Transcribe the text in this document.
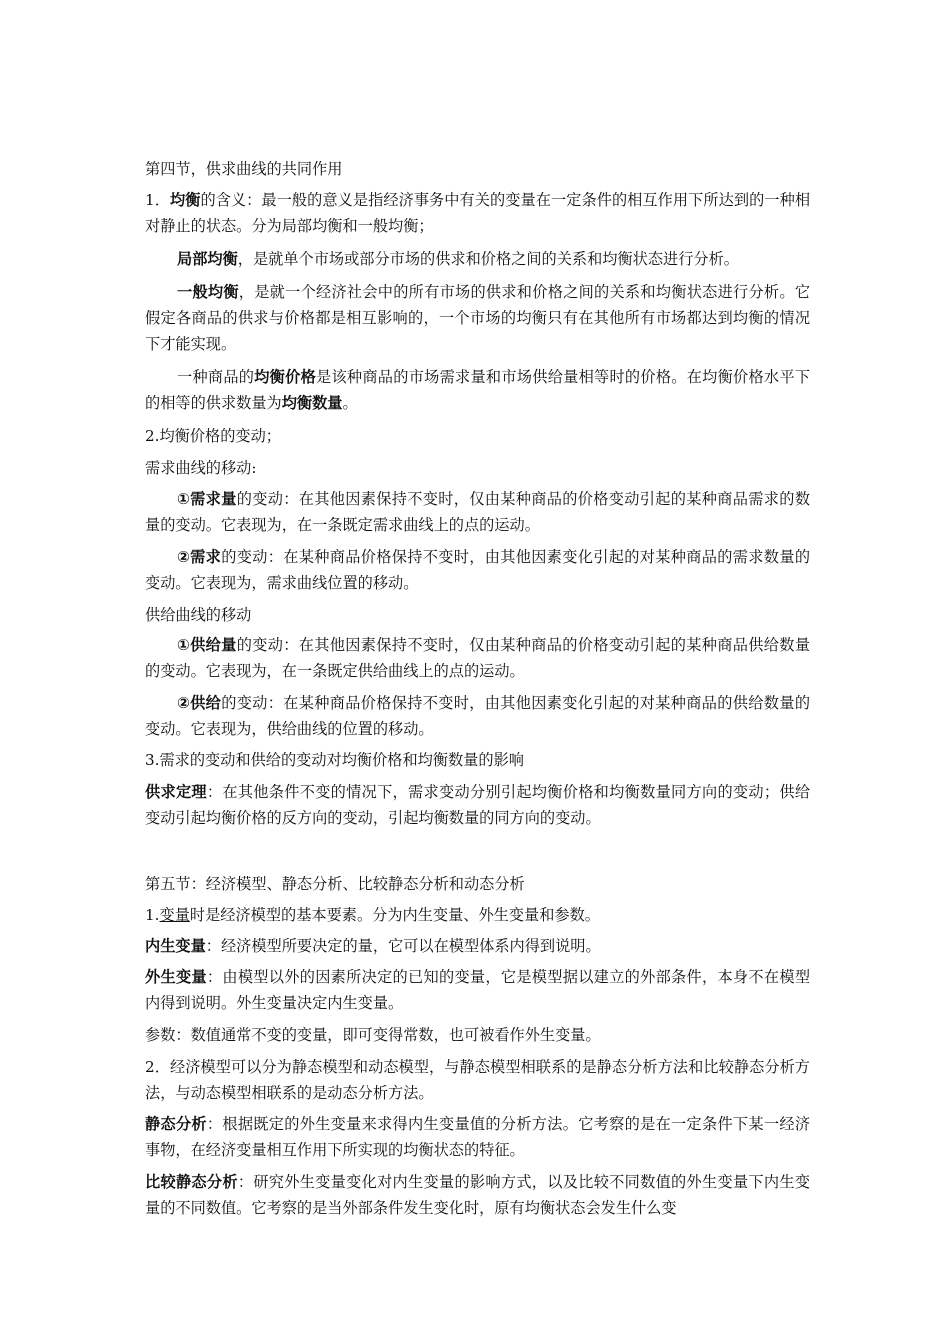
第四节，供求曲线的共同作用

1．均衡的含义：最一般的意义是指经济事务中有关的变量在一定条件的相互作用下所达到的一种相对静止的状态。分为局部均衡和一般均衡；

局部均衡，是就单个市场或部分市场的供求和价格之间的关系和均衡状态进行分析。

一般均衡，是就一个经济社会中的所有市场的供求和价格之间的关系和均衡状态进行分析。它假定各商品的供求与价格都是相互影响的，一个市场的均衡只有在其他所有市场都达到均衡的情况下才能实现。

一种商品的均衡价格是该种商品的市场需求量和市场供给量相等时的价格。在均衡价格水平下的相等的供求数量为均衡数量。

2.均衡价格的变动；

需求曲线的移动:

①需求量的变动：在其他因素保持不变时，仅由某种商品的价格变动引起的某种商品需求的数量的变动。它表现为，在一条既定需求曲线上的点的运动。

②需求的变动：在某种商品价格保持不变时，由其他因素变化引起的对某种商品的需求数量的变动。它表现为，需求曲线位置的移动。

供给曲线的移动

①供给量的变动：在其他因素保持不变时，仅由某种商品的价格变动引起的某种商品供给数量的变动。它表现为，在一条既定供给曲线上的点的运动。

②供给的变动：在某种商品价格保持不变时，由其他因素变化引起的对某种商品的供给数量的变动。它表现为，供给曲线的位置的移动。

3.需求的变动和供给的变动对均衡价格和均衡数量的影响

供求定理：在其他条件不变的情况下，需求变动分别引起均衡价格和均衡数量同方向的变动；供给变动引起均衡价格的反方向的变动，引起均衡数量的同方向的变动。

第五节：经济模型、静态分析、比较静态分析和动态分析

1.变量时是经济模型的基本要素。分为内生变量、外生变量和参数。

内生变量：经济模型所要决定的量，它可以在模型体系内得到说明。

外生变量：由模型以外的因素所决定的已知的变量，它是模型据以建立的外部条件，本身不在模型内得到说明。外生变量决定内生变量。

参数：数值通常不变的变量，即可变得常数，也可被看作外生变量。

2．经济模型可以分为静态模型和动态模型，与静态模型相联系的是静态分析方法和比较静态分析方法，与动态模型相联系的是动态分析方法。

静态分析：根据既定的外生变量来求得内生变量值的分析方法。它考察的是在一定条件下某一经济事物，在经济变量相互作用下所实现的均衡状态的特征。

比较静态分析：研究外生变量变化对内生变量的影响方式，以及比较不同数值的外生变量下内生变量的不同数值。它考察的是当外部条件发生变化时，原有均衡状态会发生什么变
